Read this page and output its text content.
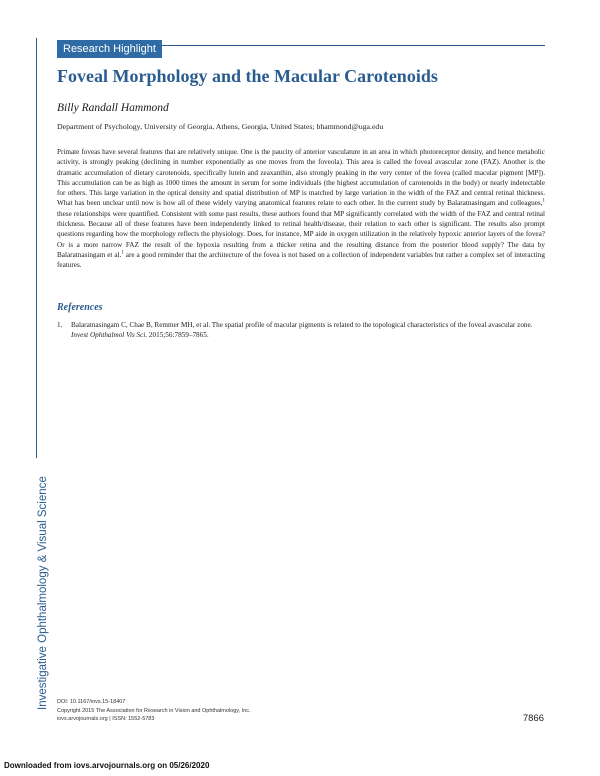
Investigative Ophthalmology & Visual Science
Research Highlight
Foveal Morphology and the Macular Carotenoids
Billy Randall Hammond
Department of Psychology, University of Georgia, Athens, Georgia, United States; bhammond@uga.edu

Primate foveas have several features that are relatively unique. One is the paucity of anterior vasculature in an area in which photoreceptor density, and hence metabolic activity, is strongly peaking (declining in number exponentially as one moves from the foveola). This area is called the foveal avascular zone (FAZ). Another is the dramatic accumulation of dietary carotenoids, specifically lutein and zeaxanthin, also strongly peaking in the very center of the fovea (called macular pigment [MP]). This accumulation can be as high as 1000 times the amount in serum for some individuals (the highest accumulation of carotenoids in the body) or nearly indetectable for others. This large variation in the optical density and spatial distribution of MP is matched by large variation in the width of the FAZ and central retinal thickness. What has been unclear until now is how all of these widely varying anatomical features relate to each other. In the current study by Balaratnasingam and colleagues,$^1$ these relationships were quantified. Consistent with some past results, these authors found that MP significantly correlated with the width of the FAZ and central retinal thickness. Because all of these features have been independently linked to retinal health/disease, their relation to each other is significant. The results also prompt questions regarding how the morphology reflects the physiology. Does, for instance, MP aide in oxygen utilization in the relatively hypoxic anterior layers of the fovea? Or is a more narrow FAZ the result of the hypoxia resulting from a thicker retina and the resulting distance from the posterior blood supply? The data by Balaratnasingam et al.$^1$ are a good reminder that the architecture of the fovea is not based on a collection of independent variables but rather a complex set of interacting features.

References
1.	Balaratnasingam C, Chae B, Remmer MH, et al. The spatial profile of macular pigments is related to the topological characteristics of the foveal avascular zone. Invest Ophthalmol Vis Sci. 2015;56:7859–7865.
DOI: 10.1167/iovs.15-18407
Copyright 2015 The Association for Research in Vision and Ophthalmology, Inc.
iovs.arvojournals.org | ISSN: 1552-5783	7866
Downloaded from iovs.arvojournals.org on 05/26/2020
